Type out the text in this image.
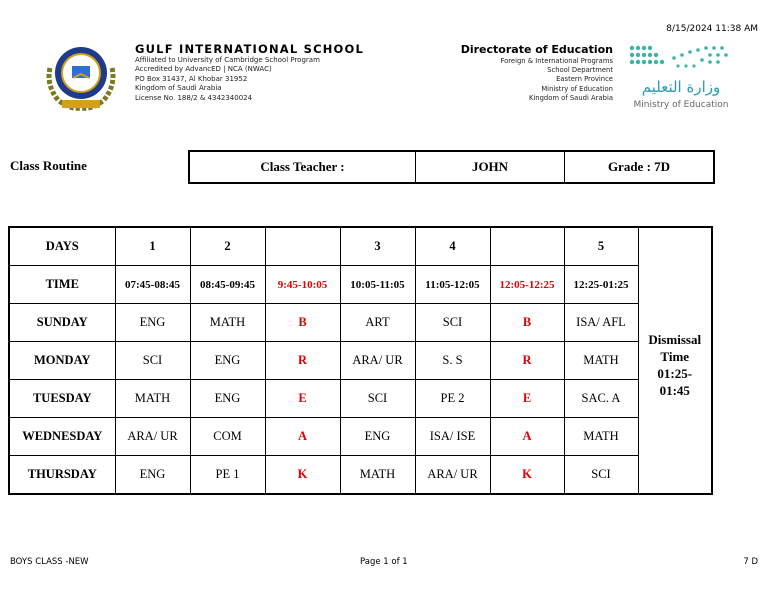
8/15/2024 11:38 AM
GULF INTERNATIONAL SCHOOL
Affiliated to University of Cambridge School Program
Accredited by AdvancED | NCA (NWAC)
PO Box 31437, Al Khobar 31952
Kingdom of Saudi Arabia
License No. 188/2 & 4342340024
Directorate of Education
Foreign & International Programs
School Department
Eastern Province
Ministry of Education
Kingdom of Saudi Arabia
وزارة التعليم
Ministry of Education
Class Routine	Class Teacher :	JOHN	Grade : 7D
DAYS	1	2		3	4		5	Dismissal
Time
01:25-
01:45

TIME	07:45-08:45	08:45-09:45	9:45-10:05	10:05-11:05	11:05-12:05	12:05-12:25	12:25-01:25	
SUNDAY	ENG	MATH	B	ART	SCI	B	ISA/ AFL	
MONDAY	SCI	ENG	R	ARA/ UR	S. S	R	MATH	
TUESDAY	MATH	ENG	E	SCI	PE 2	E	SAC. A	
WEDNESDAY	ARA/ UR	COM	A	ENG	ISA/ ISE	A	MATH	
THURSDAY	ENG	PE 1	K	MATH	ARA/ UR	K	SCI	
BOYS CLASS -NEW	Page 1 of 1	7 D
